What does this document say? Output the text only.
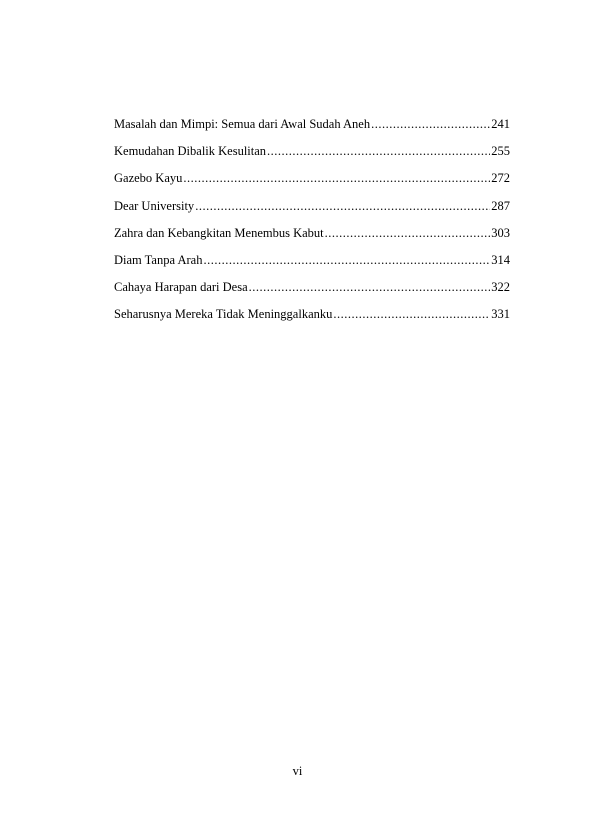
Masalah dan Mimpi: Semua dari Awal Sudah Aneh .....	241
Kemudahan Dibalik Kesulitan .....	255
Gazebo Kayu .....	272
Dear University .....	287
Zahra dan Kebangkitan Menembus Kabut .....	303
Diam Tanpa Arah .....	314
Cahaya Harapan dari Desa .....	322
Seharusnya Mereka Tidak Meninggalkanku .....	331
vi
